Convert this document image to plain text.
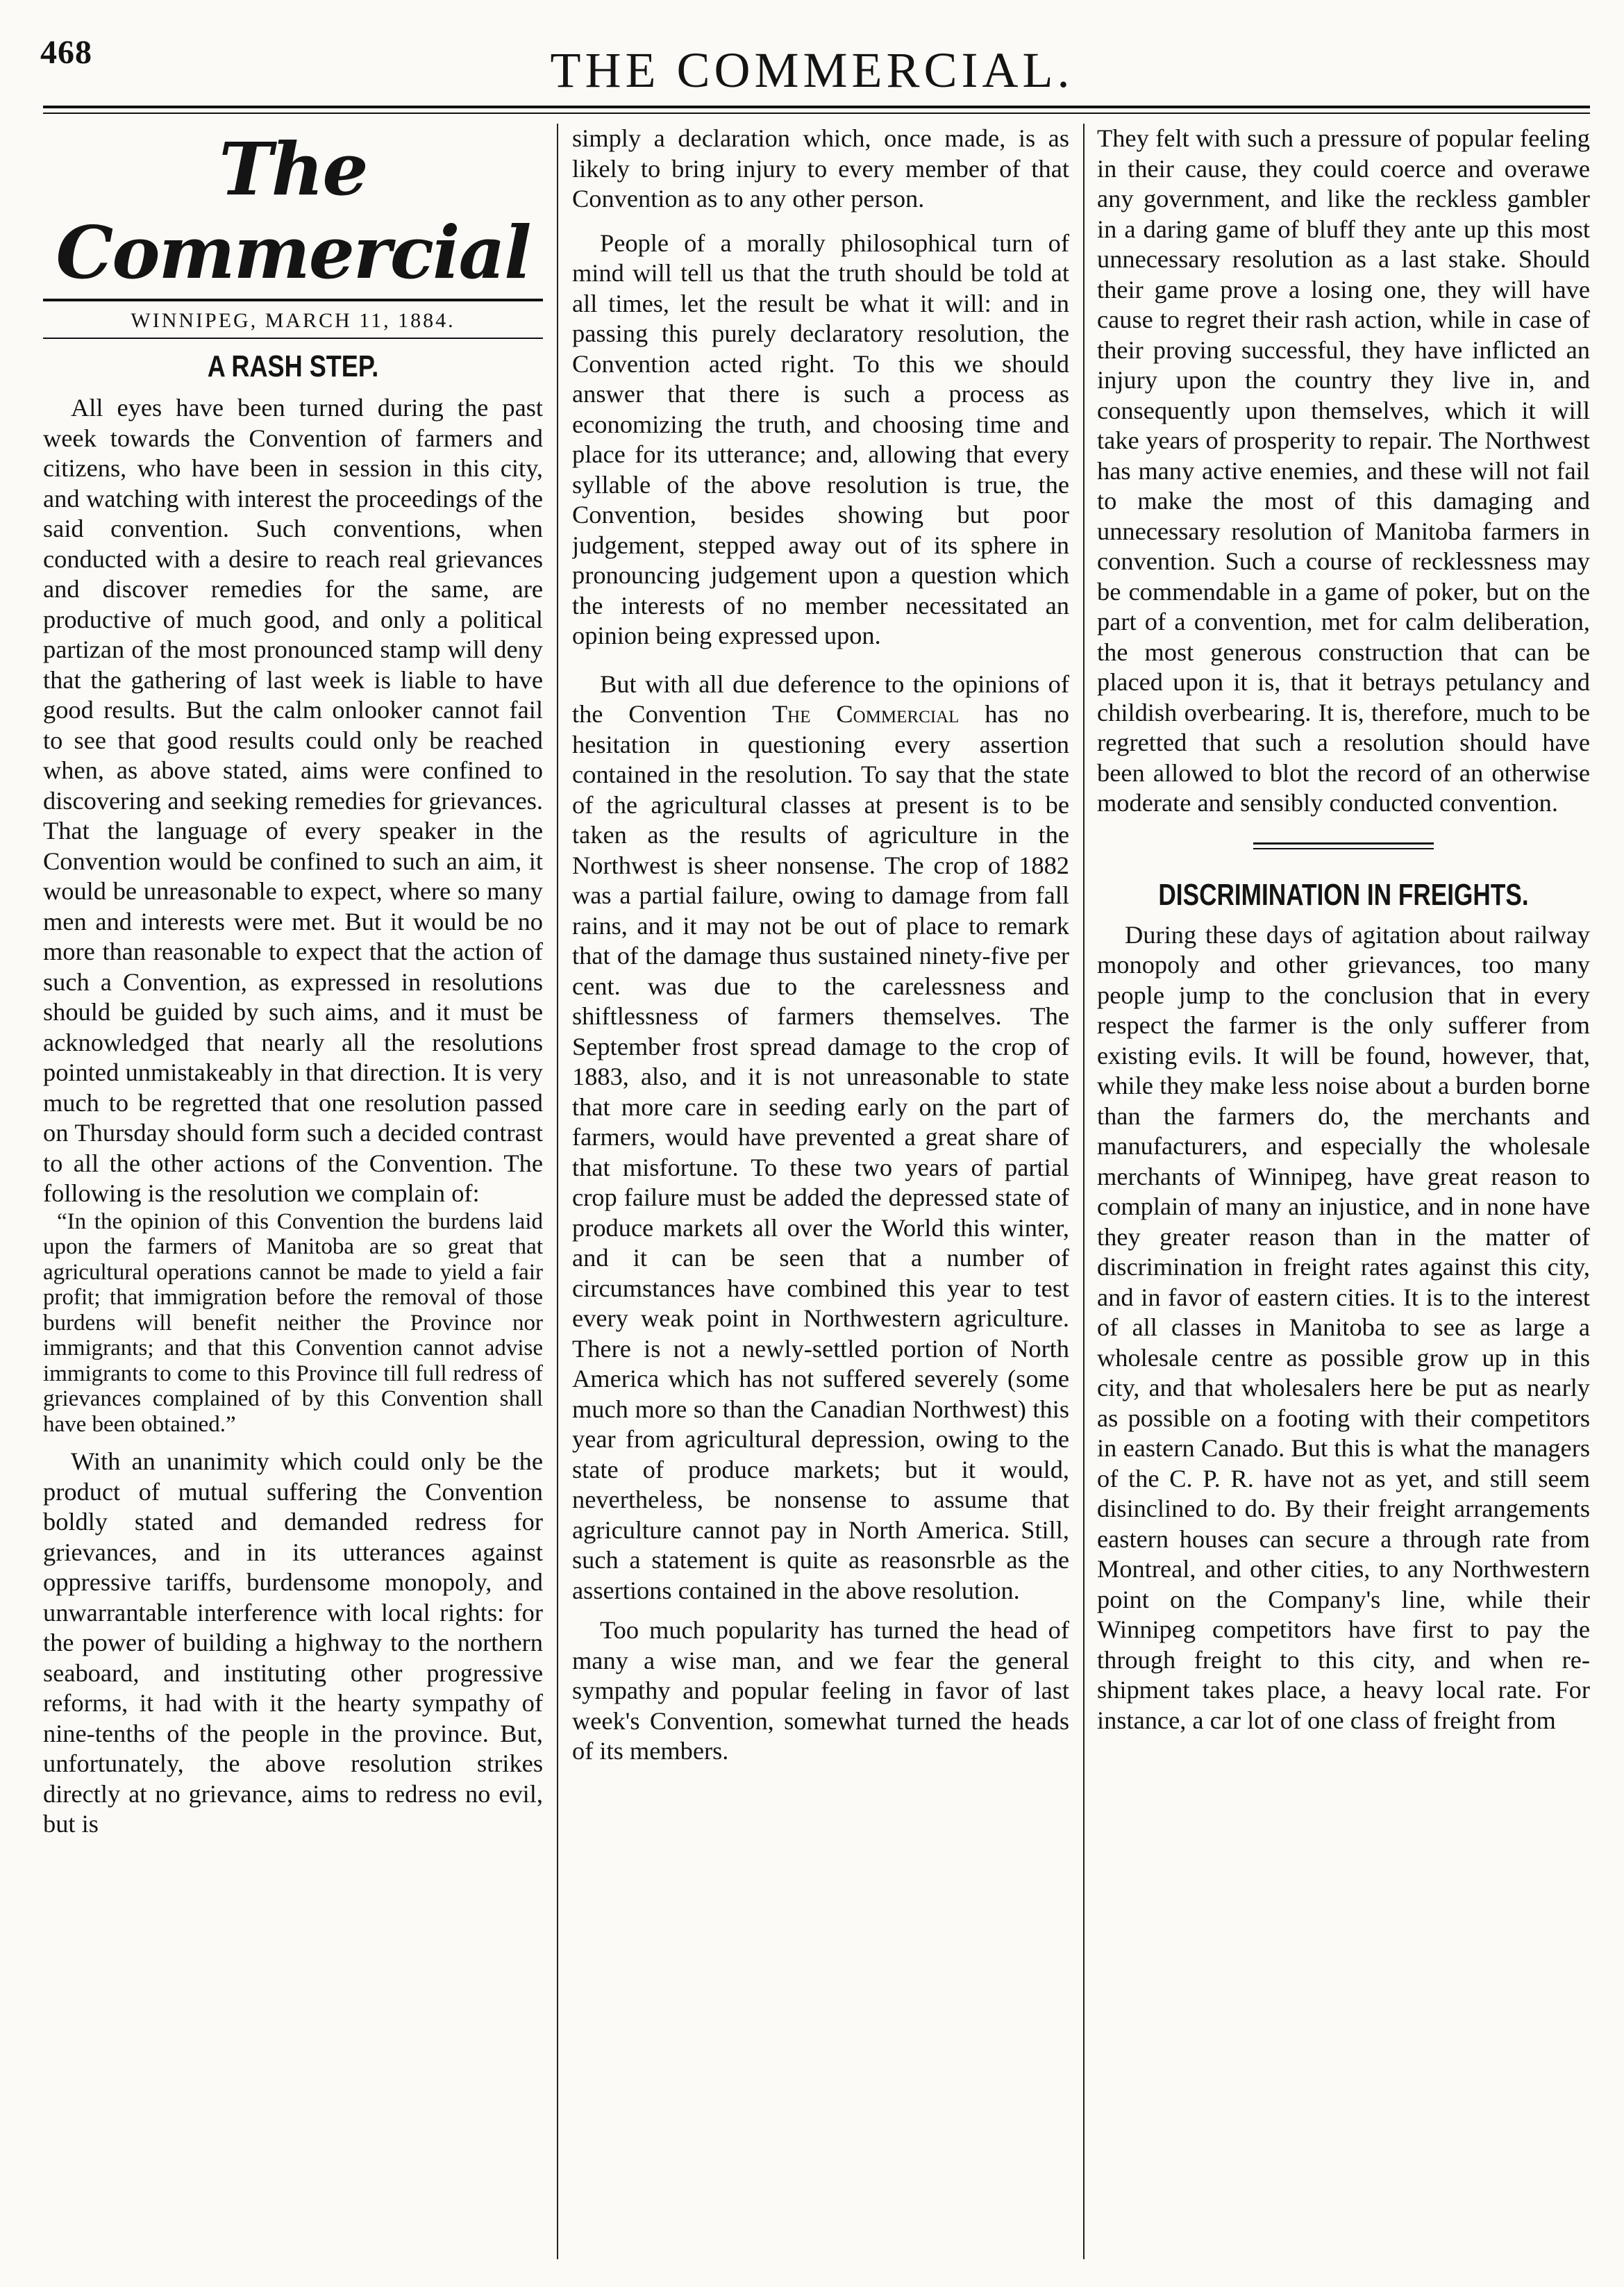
468	THE COMMERCIAL.
The Commercial
WINNIPEG, MARCH 11, 1884.
A RASH STEP.

All eyes have been turned during the past week towards the Convention of farmers and citizens, who have been in session in this city, and watching with interest the proceedings of the said convention. Such conventions, when conducted with a desire to reach real grievances and discover remedies for the same, are productive of much good, and only a political partizan of the most pronounced stamp will deny that the gathering of last week is liable to have good results. But the calm onlooker cannot fail to see that good results could only be reached when, as above stated, aims were confined to discovering and seeking remedies for grievances. That the language of every speaker in the Convention would be confined to such an aim, it would be unreasonable to expect, where so many men and interests were met. But it would be no more than reasonable to expect that the action of such a Convention, as expressed in resolutions should be guided by such aims, and it must be acknowledged that nearly all the resolutions pointed unmistakeably in that direction. It is very much to be regretted that one resolution passed on Thursday should form such a decided contrast to all the other actions of the Convention. The following is the resolution we complain of:

“In the opinion of this Convention the burdens laid upon the farmers of Manitoba are so great that agricultural operations cannot be made to yield a fair profit; that immigration before the removal of those burdens will benefit neither the Province nor immigrants; and that this Convention cannot advise immigrants to come to this Province till full redress of grievances complained of by this Convention shall have been obtained.”

With an unanimity which could only be the product of mutual suffering the Convention boldly stated and demanded redress for grievances, and in its utterances against oppressive tariffs, burdensome monopoly, and unwarrantable interference with local rights: for the power of building a highway to the northern seaboard, and instituting other progressive reforms, it had with it the hearty sympathy of nine-tenths of the people in the province. But, unfortunately, the above resolution strikes directly at no grievance, aims to redress no evil, but is

simply a declaration which, once made, is as likely to bring injury to every member of that Convention as to any other person.

People of a morally philosophical turn of mind will tell us that the truth should be told at all times, let the result be what it will: and in passing this purely declaratory resolution, the Convention acted right. To this we should answer that there is such a process as economizing the truth, and choosing time and place for its utterance; and, allowing that every syllable of the above resolution is true, the Convention, besides showing but poor judgement, stepped away out of its sphere in pronouncing judgement upon a question which the interests of no member necessitated an opinion being expressed upon.

But with all due deference to the opinions of the Convention The Commercial has no hesitation in questioning every assertion contained in the resolution. To say that the state of the agricultural classes at present is to be taken as the results of agriculture in the Northwest is sheer nonsense. The crop of 1882 was a partial failure, owing to damage from fall rains, and it may not be out of place to remark that of the damage thus sustained ninety-five per cent. was due to the carelessness and shiftlessness of farmers themselves. The September frost spread damage to the crop of 1883, also, and it is not unreasonable to state that more care in seeding early on the part of farmers, would have prevented a great share of that misfortune. To these two years of partial crop failure must be added the depressed state of produce markets all over the World this winter, and it can be seen that a number of circumstances have combined this year to test every weak point in Northwestern agriculture. There is not a newly-settled portion of North America which has not suffered severely (some much more so than the Canadian Northwest) this year from agricultural depression, owing to the state of produce markets; but it would, nevertheless, be nonsense to assume that agriculture cannot pay in North America. Still, such a statement is quite as reasonsrble as the assertions contained in the above resolution.

Too much popularity has turned the head of many a wise man, and we fear the general sympathy and popular feeling in favor of last week's Convention, somewhat turned the heads of its members.

They felt with such a pressure of popular feeling in their cause, they could coerce and overawe any government, and like the reckless gambler in a daring game of bluff they ante up this most unnecessary resolution as a last stake. Should their game prove a losing one, they will have cause to regret their rash action, while in case of their proving successful, they have inflicted an injury upon the country they live in, and consequently upon themselves, which it will take years of prosperity to repair. The Northwest has many active enemies, and these will not fail to make the most of this damaging and unnecessary resolution of Manitoba farmers in convention. Such a course of recklessness may be commendable in a game of poker, but on the part of a convention, met for calm deliberation, the most generous construction that can be placed upon it is, that it betrays petulancy and childish overbearing. It is, therefore, much to be regretted that such a resolution should have been allowed to blot the record of an otherwise moderate and sensibly conducted convention.

DISCRIMINATION IN FREIGHTS.

During these days of agitation about railway monopoly and other grievances, too many people jump to the conclusion that in every respect the farmer is the only sufferer from existing evils. It will be found, however, that, while they make less noise about a burden borne than the farmers do, the merchants and manufacturers, and especially the wholesale merchants of Winnipeg, have great reason to complain of many an injustice, and in none have they greater reason than in the matter of discrimination in freight rates against this city, and in favor of eastern cities. It is to the interest of all classes in Manitoba to see as large a wholesale centre as possible grow up in this city, and that wholesalers here be put as nearly as possible on a footing with their competitors in eastern Canado. But this is what the managers of the C. P. R. have not as yet, and still seem disinclined to do. By their freight arrangements eastern houses can secure a through rate from Montreal, and other cities, to any Northwestern point on the Company's line, while their Winnipeg competitors have first to pay the through freight to this city, and when re-shipment takes place, a heavy local rate. For instance, a car lot of one class of freight from
